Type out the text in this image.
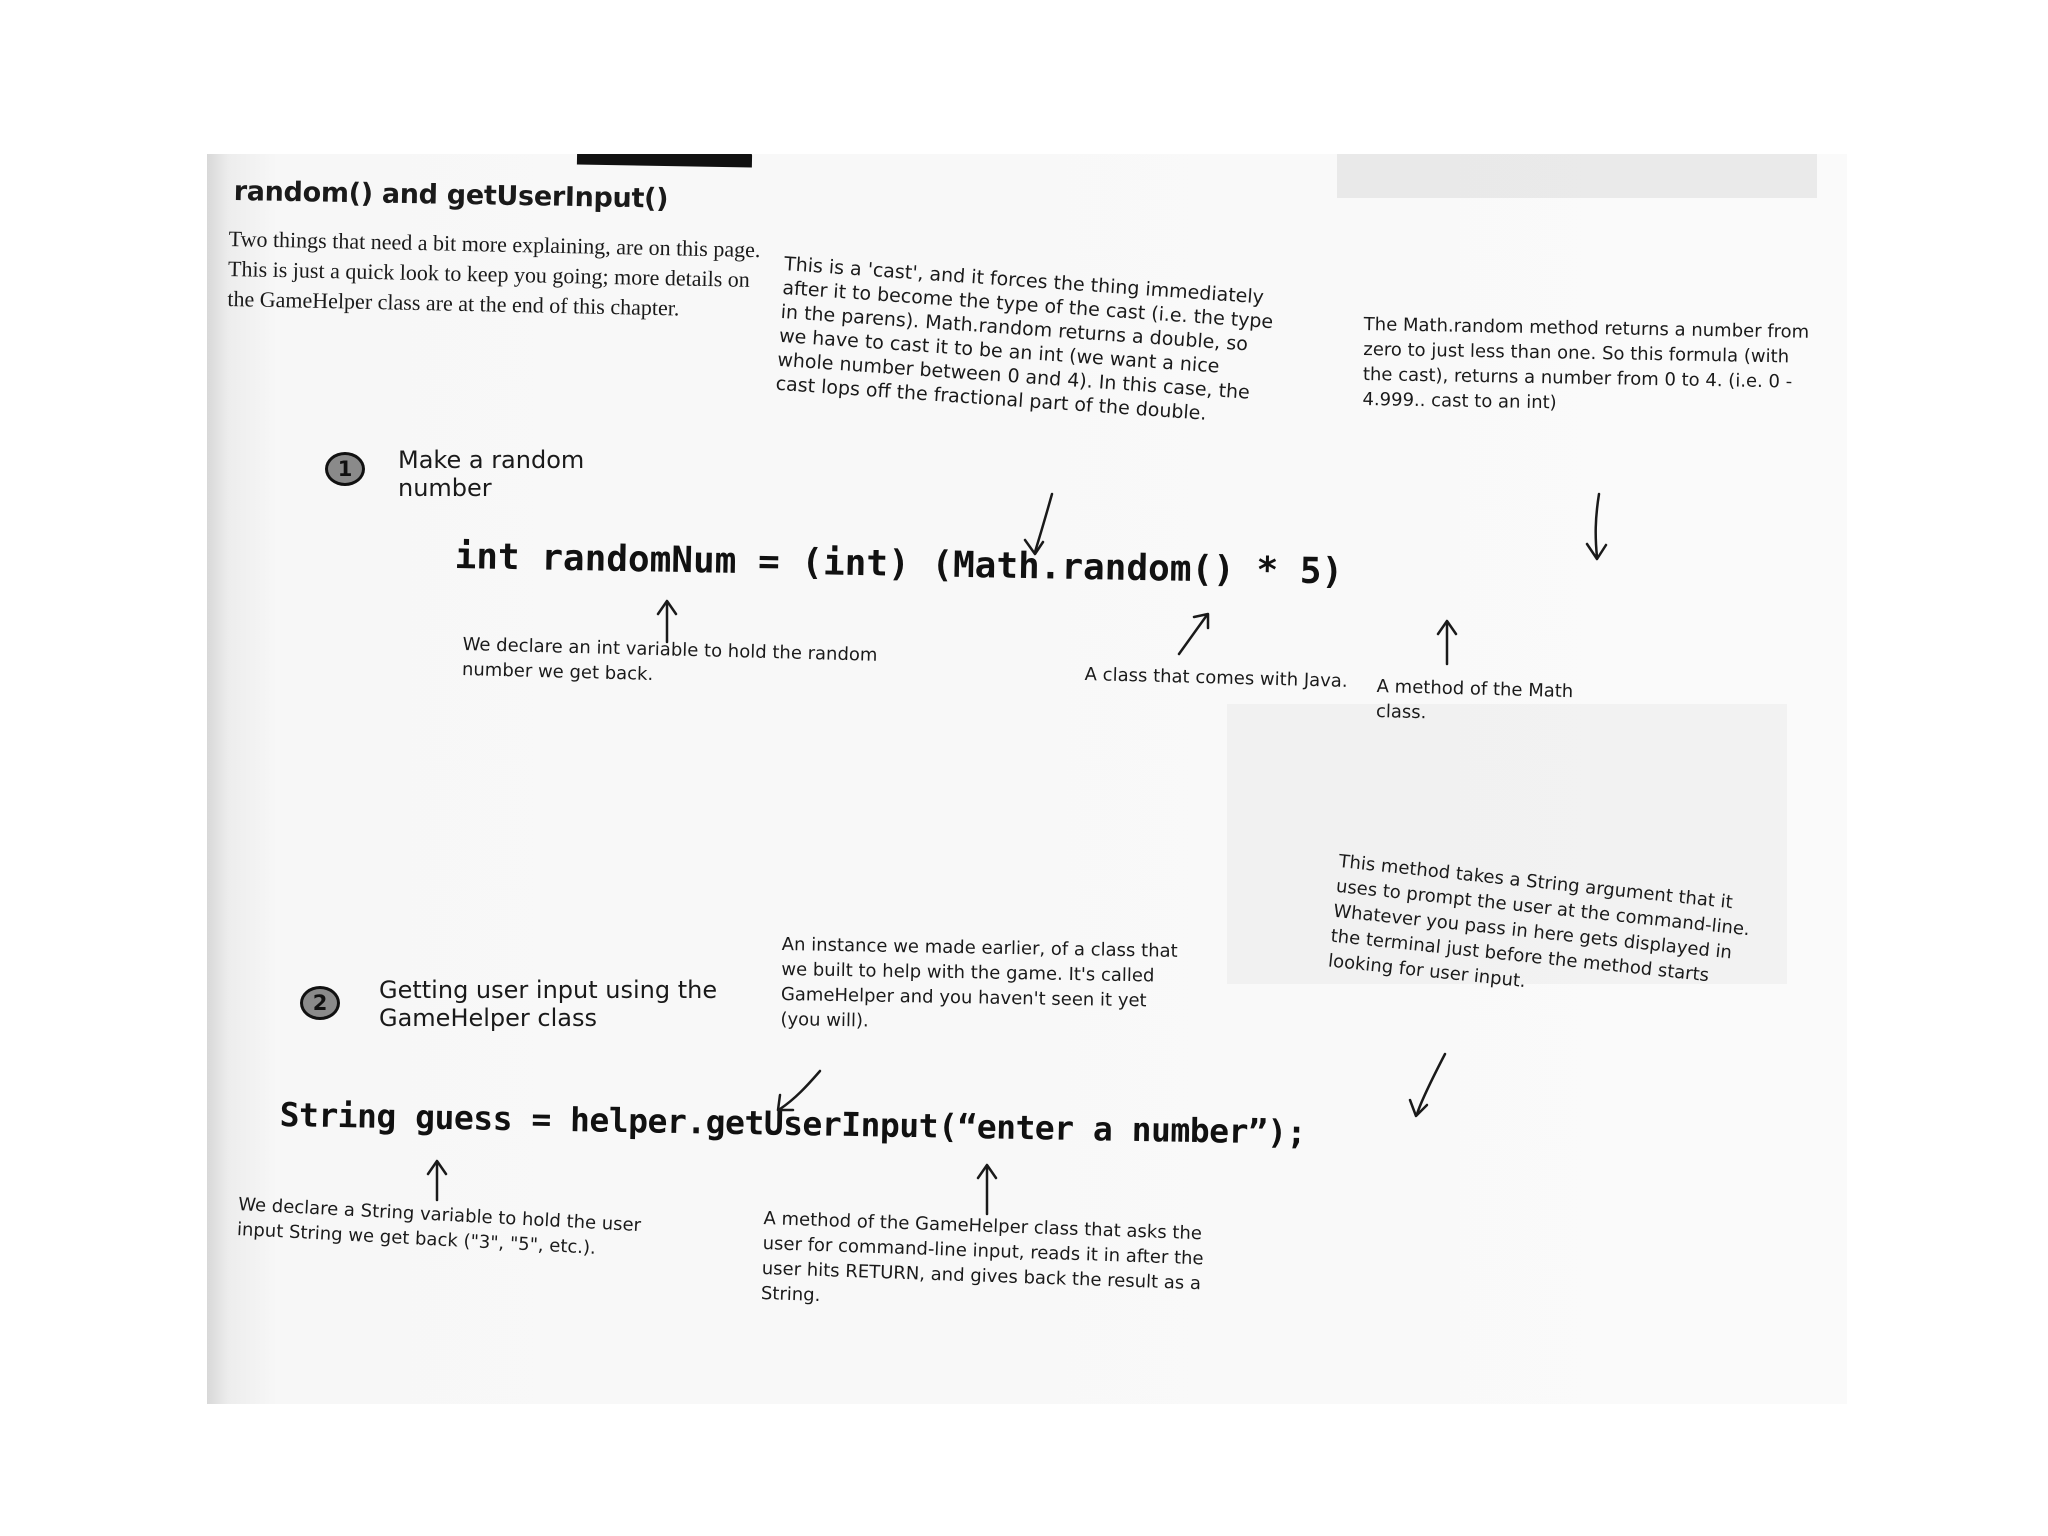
random() and getUserInput()

Two things that need a bit more explaining, are on this page. This is just a quick look to keep you going; more details on the GameHelper class are at the end of this chapter.

1	Make a random number

This is a 'cast', and it forces the thing immediately after it to become the type of the cast (i.e. the type in the parens). Math.random returns a double, so we have to cast it to be an int (we want a nice whole number between 0 and 4). In this case, the cast lops off the fractional part of the double.

The Math.random method returns a number from zero to just less than one. So this formula (with the cast), returns a number from 0 to 4. (i.e. 0 - 4.999.. cast to an int)

int randomNum = (int) (Math.random() * 5)

We declare an int variable to hold the random number we get back.	A class that comes with Java.	A method of the Math class.

2	Getting user input using the GameHelper class

An instance we made earlier, of a class that we built to help with the game. It's called GameHelper and you haven't seen it yet (you will).

This method takes a String argument that it uses to prompt the user at the command-line. Whatever you pass in here gets displayed in the terminal just before the method starts looking for user input.

String guess = helper.getUserInput(“enter a number”);

We declare a String variable to hold the user input String we get back ("3", "5", etc.).	A method of the GameHelper class that asks the user for command-line input, reads it in after the user hits RETURN, and gives back the result as a String.
